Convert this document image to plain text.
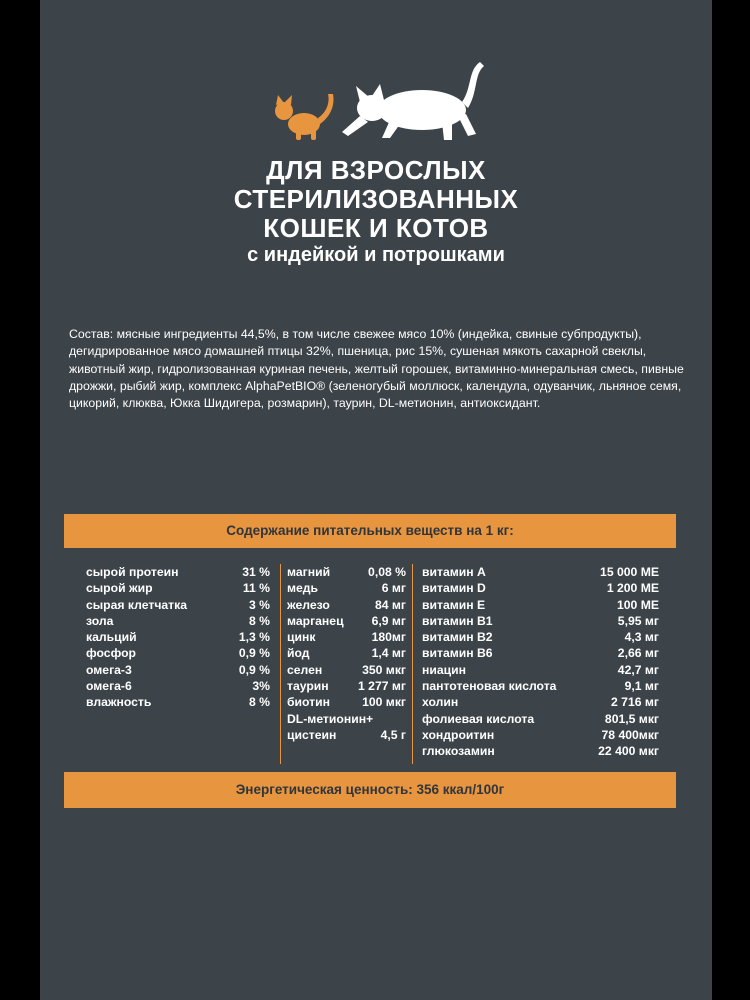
ДЛЯ ВЗРОСЛЫХ
СТЕРИЛИЗОВАННЫХ
КОШЕК И КОТОВ
с индейкой и потрошками
Состав: мясные ингредиенты 44,5%, в том числе свежее мясо 10% (индейка, свиные субпродукты), дегидрированное мясо домашней птицы 32%, пшеница, рис 15%, сушеная мякоть сахарной свеклы, животный жир, гидролизованная куриная печень, желтый горошек, витаминно-минеральная смесь, пивные дрожжи, рыбий жир, комплекс AlphaPetBIO® (зеленогубый моллюск, календула, одуванчик, льняное семя, цикорий, клюква, Юкка Шидигера, розмарин), таурин, DL-метионин, антиоксидант.
Содержание питательных веществ на 1 кг:
сырой протеин	31 %
сырой жир	11 %
сырая клетчатка	3 %
зола	8 %
кальций	1,3 %
фосфор	0,9 %
омега-3	0,9 %
омега-6	3%
влажность	8 %
магний	0,08 %
медь	6 мг
железо	84 мг
марганец 6,9 мг
цинк	180мг
йод	1,4 мг
селен	350 мкг
таурин 1 277 мг
биотин	100 мкг
DL-метионин+
цистеин	4,5 г
витамин А	15 000 МЕ
витамин D	1 200 МЕ
витамин Е	100 МЕ
витамин В1	5,95 мг
витамин В2	4,3 мг
витамин В6	2,66 мг
ниацин	42,7 мг
пантотеновая кислота	9,1 мг
холин	2 716 мг
фолиевая кислота	801,5 мкг
хондроитин	78 400мкг
глюкозамин	22 400 мкг
Энергетическая ценность: 356 ккал/100г
